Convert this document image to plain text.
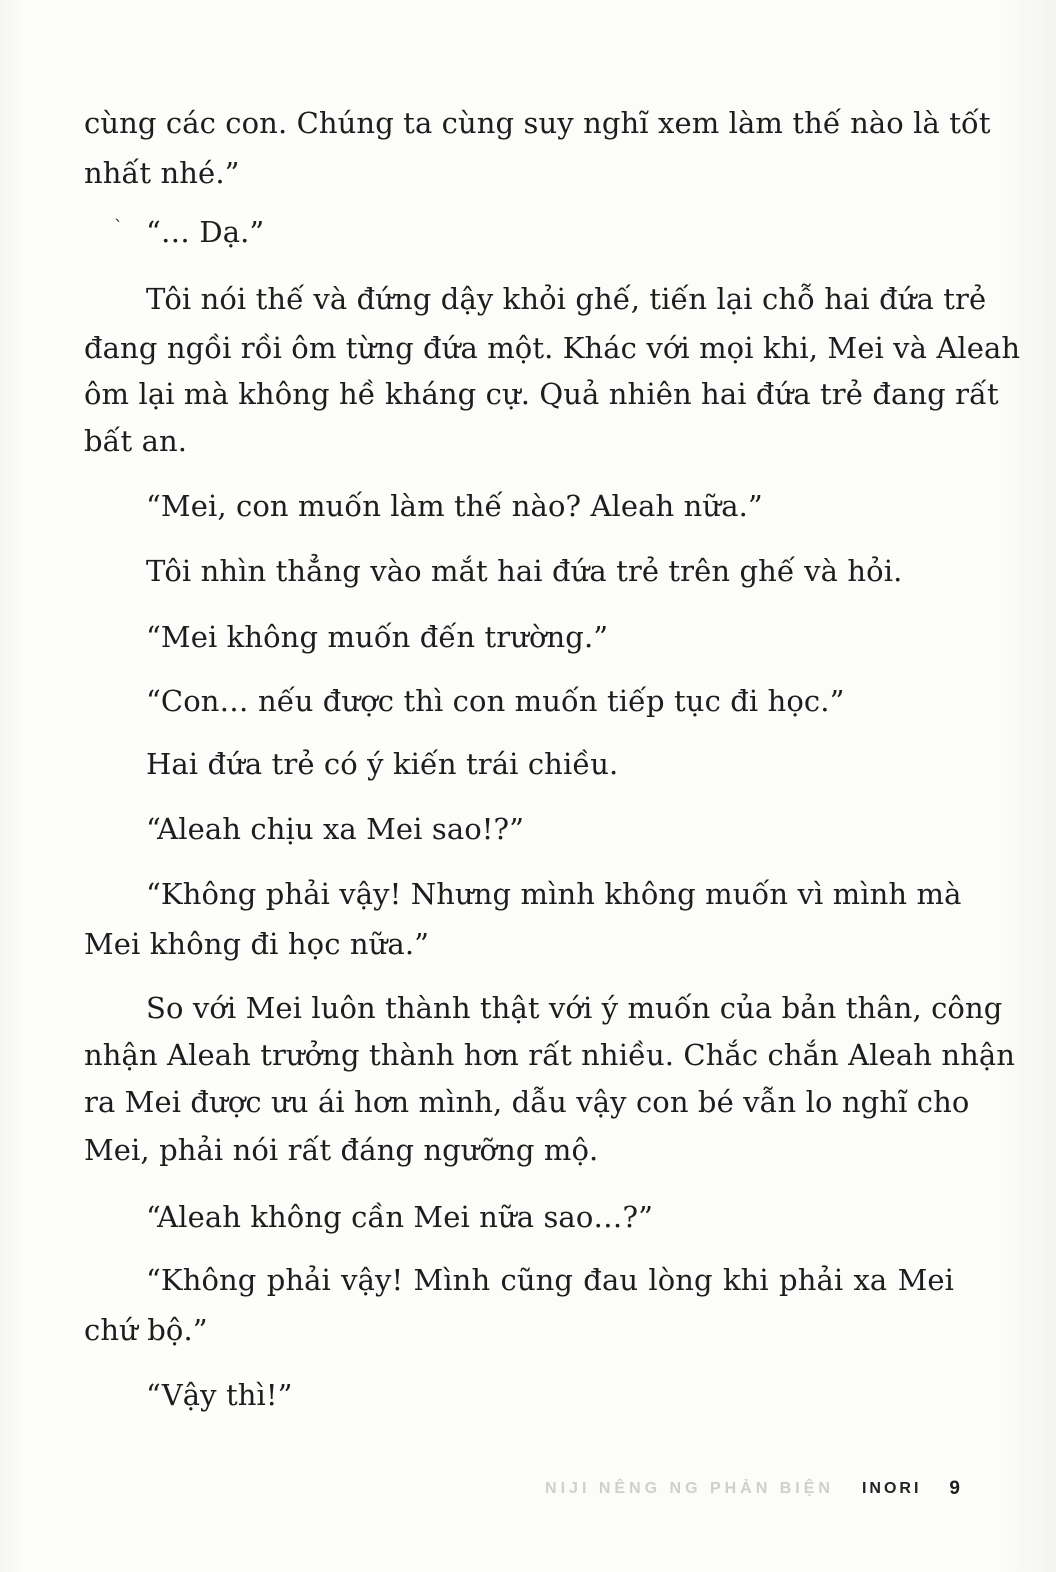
cùng các con. Chúng ta cùng suy nghĩ xem làm thế nào là tốt
nhất nhé.”
ˋ “… Dạ.”
Tôi nói thế và đứng dậy khỏi ghế, tiến lại chỗ hai đứa trẻ
đang ngồi rồi ôm từng đứa một. Khác với mọi khi, Mei và Aleah
ôm lại mà không hề kháng cự. Quả nhiên hai đứa trẻ đang rất
bất an.
“Mei, con muốn làm thế nào? Aleah nữa.”
Tôi nhìn thẳng vào mắt hai đứa trẻ trên ghế và hỏi.
“Mei không muốn đến trường.”
“Con… nếu được thì con muốn tiếp tục đi học.”
Hai đứa trẻ có ý kiến trái chiều.
“Aleah chịu xa Mei sao!?”
“Không phải vậy! Nhưng mình không muốn vì mình mà
Mei không đi học nữa.”
So với Mei luôn thành thật với ý muốn của bản thân, công
nhận Aleah trưởng thành hơn rất nhiều. Chắc chắn Aleah nhận
ra Mei được ưu ái hơn mình, dẫu vậy con bé vẫn lo nghĩ cho
Mei, phải nói rất đáng ngưỡng mộ.
“Aleah không cần Mei nữa sao…?”
“Không phải vậy! Mình cũng đau lòng khi phải xa Mei
chứ bộ.”
“Vậy thì!”
NIJI NÊNG NG PHẢN BIỆN INORI 9
